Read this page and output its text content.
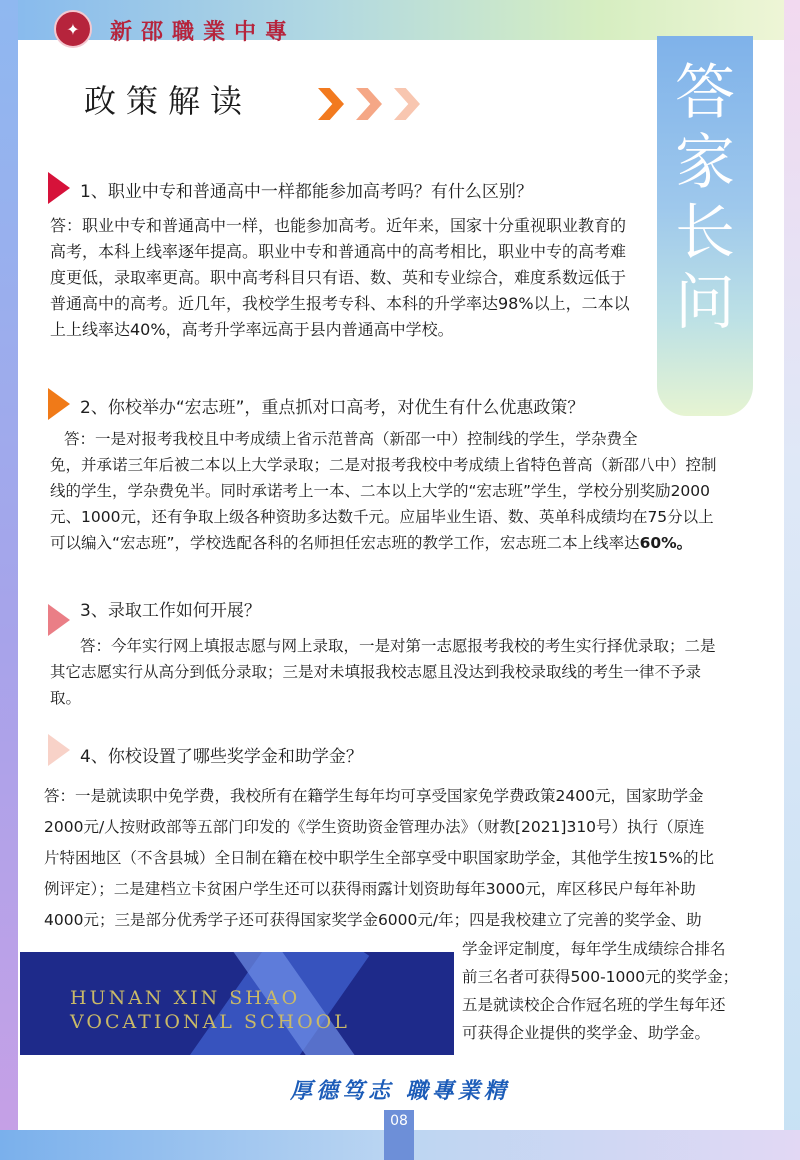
✦	新邵職業中專
政策解读	答
家
长
问
1、职业中专和普通高中一样都能参加高考吗？有什么区别？
答：职业中专和普通高中一样，也能参加高考。近年来，国家十分重视职业教育的
高考，本科上线率逐年提高。职业中专和普通高中的高考相比，职业中专的高考难
度更低，录取率更高。职中高考科目只有语、数、英和专业综合，难度系数远低于
普通高中的高考。近几年，我校学生报考专科、本科的升学率达98%以上，二本以
上上线率达40%，高考升学率远高于县内普通高中学校。
2、你校举办“宏志班”，重点抓对口高考，对优生有什么优惠政策？
答：一是对报考我校且中考成绩上省示范普高（新邵一中）控制线的学生，学杂费全
免，并承诺三年后被二本以上大学录取；二是对报考我校中考成绩上省特色普高（新邵八中）控制
线的学生，学杂费免半。同时承诺考上一本、二本以上大学的“宏志班”学生，学校分别奖励2000
元、1000元，还有争取上级各种资助多达数千元。应届毕业生语、数、英单科成绩均在75分以上
可以编入“宏志班”，学校选配各科的名师担任宏志班的教学工作，宏志班二本上线率达60%。
3、录取工作如何开展？
答：今年实行网上填报志愿与网上录取，一是对第一志愿报考我校的考生实行择优录取；二是
其它志愿实行从高分到低分录取；三是对未填报我校志愿且没达到我校录取线的考生一律不予录
取。
4、你校设置了哪些奖学金和助学金？
答：一是就读职中免学费，我校所有在籍学生每年均可享受国家免学费政策2400元，国家助学金
2000元/人按财政部等五部门印发的《学生资助资金管理办法》（财教[2021]310号）执行（原连
片特困地区（不含县城）全日制在籍在校中职学生全部享受中职国家助学金，其他学生按15%的比
例评定）；二是建档立卡贫困户学生还可以获得雨露计划资助每年3000元，库区移民户每年补助
4000元；三是部分优秀学子还可获得国家奖学金6000元/年；四是我校建立了完善的奖学金、助
学金评定制度，每年学生成绩综合排名
前三名者可获得500-1000元的奖学金；
五是就读校企合作冠名班的学生每年还
可获得企业提供的奖学金、助学金。
HUNAN XIN SHAO
VOCATIONAL SCHOOL
厚德笃志 職專業精
08
